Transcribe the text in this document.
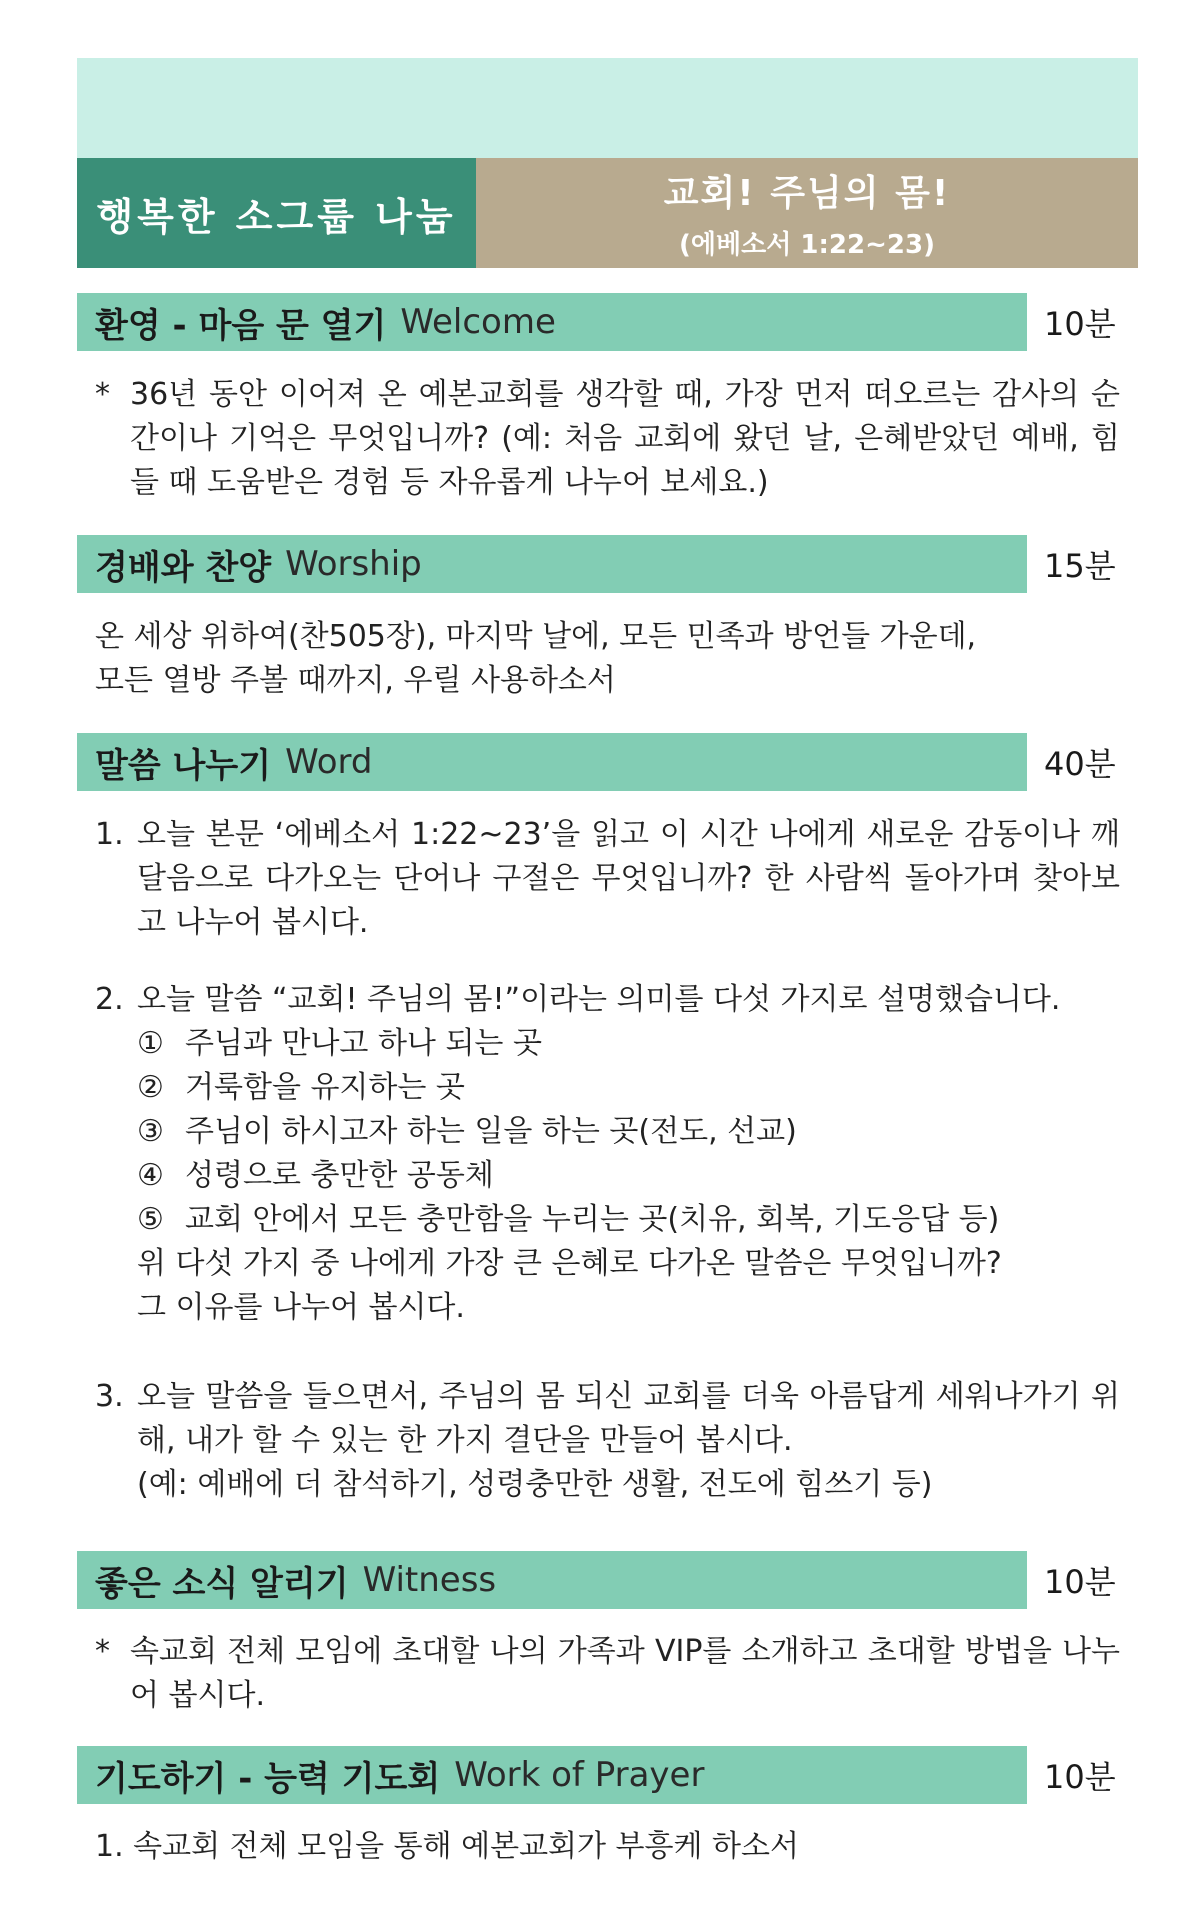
행복한 소그룹 나눔
교회! 주님의 몸!
(에베소서 1:22~23)
환영 - 마음 문 열기 Welcome	10분
* 36년 동안 이어져 온 예본교회를 생각할 때, 가장 먼저 떠오르는 감사의 순간이나 기억은 무엇입니까? (예: 처음 교회에 왔던 날, 은혜받았던 예배, 힘들 때 도움받은 경험 등 자유롭게 나누어 보세요.)
경배와 찬양 Worship	15분
온 세상 위하여(찬505장), 마지막 날에, 모든 민족과 방언들 가운데,
모든 열방 주볼 때까지, 우릴 사용하소서
말씀 나누기 Word	40분
1. 오늘 본문 ‘에베소서 1:22~23’을 읽고 이 시간 나에게 새로운 감동이나 깨달음으로 다가오는 단어나 구절은 무엇입니까? 한 사람씩 돌아가며 찾아보고 나누어 봅시다.
2. 오늘 말씀 “교회! 주님의 몸!”이라는 의미를 다섯 가지로 설명했습니다.
① 주님과 만나고 하나 되는 곳
② 거룩함을 유지하는 곳
③ 주님이 하시고자 하는 일을 하는 곳(전도, 선교)
④ 성령으로 충만한 공동체
⑤ 교회 안에서 모든 충만함을 누리는 곳(치유, 회복, 기도응답 등)
위 다섯 가지 중 나에게 가장 큰 은혜로 다가온 말씀은 무엇입니까?
그 이유를 나누어 봅시다.
3. 오늘 말씀을 들으면서, 주님의 몸 되신 교회를 더욱 아름답게 세워나가기 위해, 내가 할 수 있는 한 가지 결단을 만들어 봅시다.
(예: 예배에 더 참석하기, 성령충만한 생활, 전도에 힘쓰기 등)
좋은 소식 알리기 Witness	10분
* 속교회 전체 모임에 초대할 나의 가족과 VIP를 소개하고 초대할 방법을 나누어 봅시다.
기도하기 - 능력 기도회 Work of Prayer	10분
1. 속교회 전체 모임을 통해 예본교회가 부흥케 하소서
